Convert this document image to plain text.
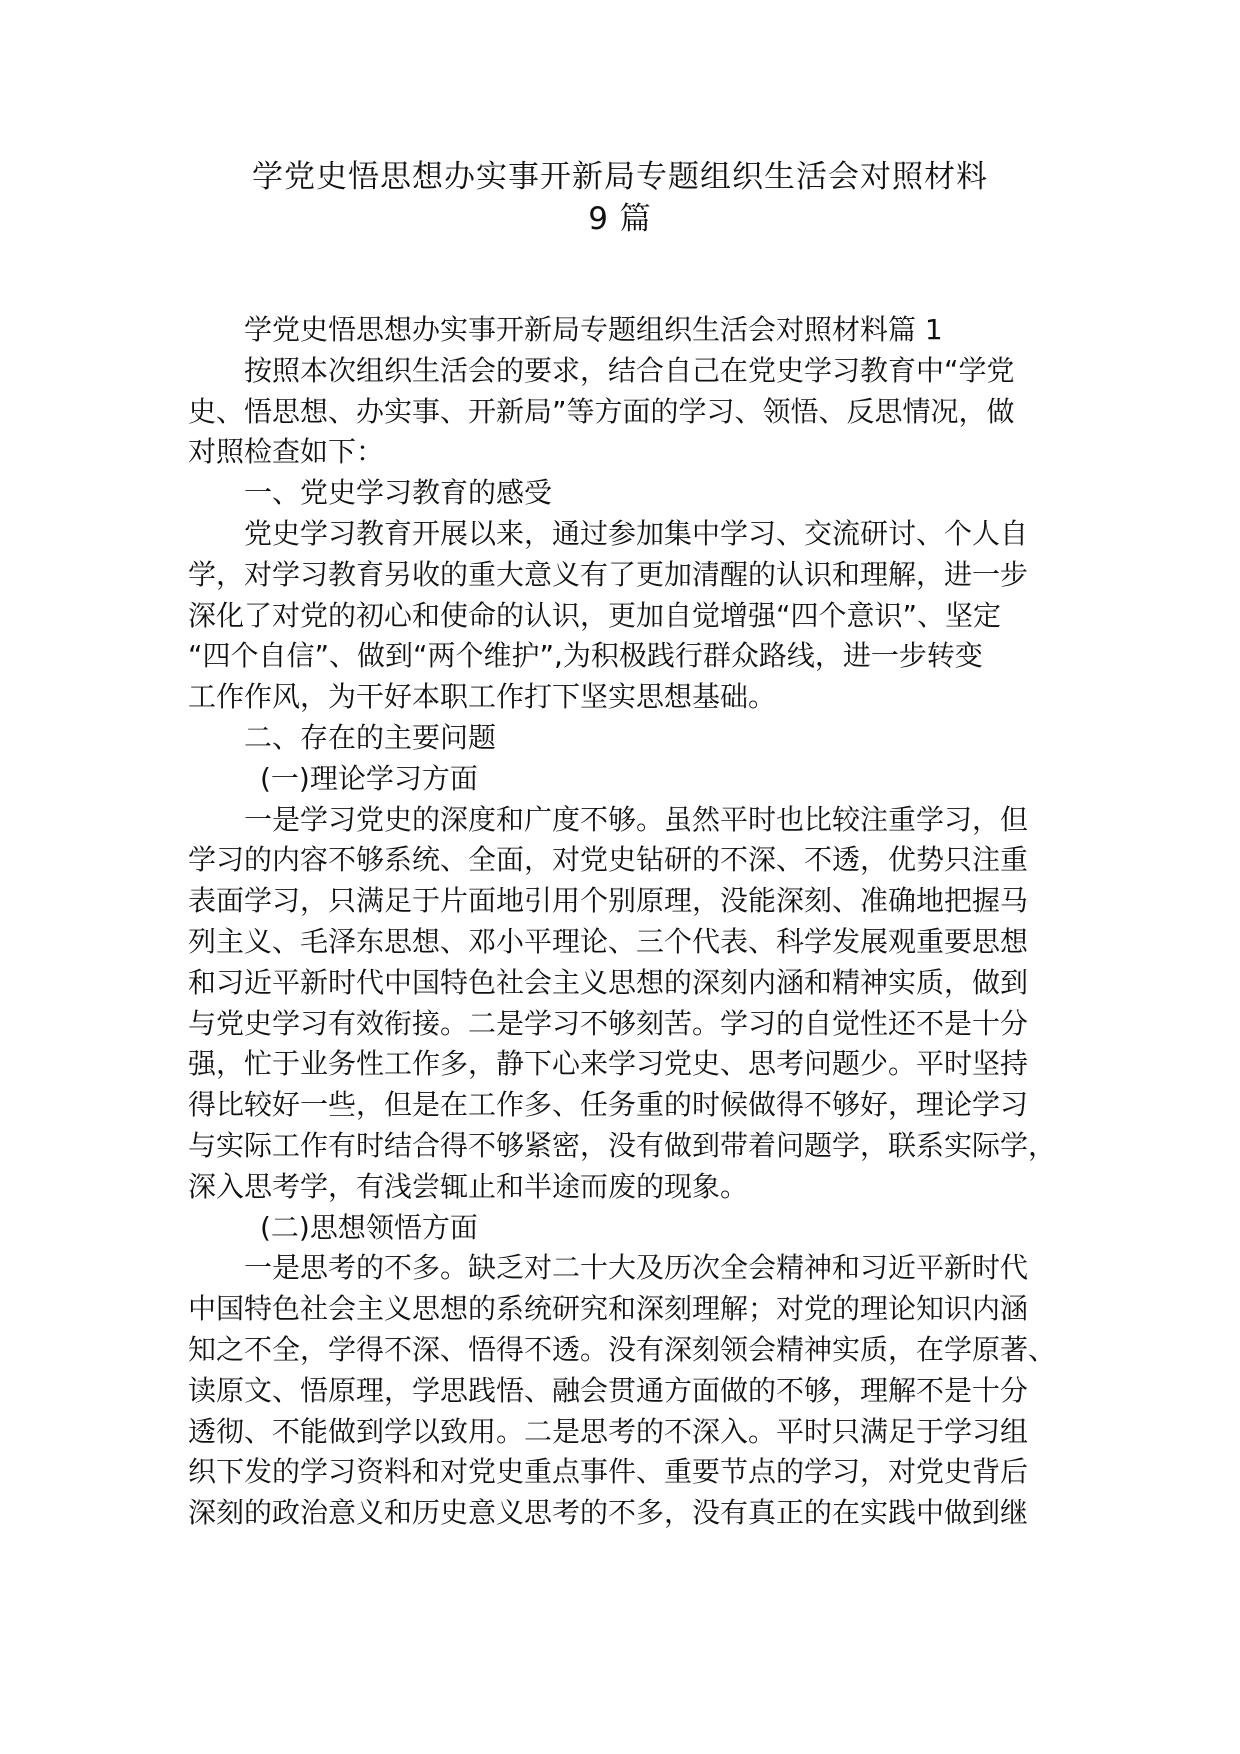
学党史悟思想办实事开新局专题组织生活会对照材料
9 篇
学党史悟思想办实事开新局专题组织生活会对照材料篇 1
按照本次组织生活会的要求，结合自己在党史学习教育中“学党
史、悟思想、办实事、开新局”等方面的学习、领悟、反思情况，做
对照检查如下：
一、党史学习教育的感受
党史学习教育开展以来，通过参加集中学习、交流研讨、个人自
学，对学习教育另收的重大意义有了更加清醒的认识和理解，进一步
深化了对党的初心和使命的认识，更加自觉增强“四个意识”、坚定
“四个自信”、做到“两个维护”,为积极践行群众路线，进一步转变
工作作风，为干好本职工作打下坚实思想基础。
二、存在的主要问题
(一)理论学习方面
一是学习党史的深度和广度不够。虽然平时也比较注重学习，但
学习的内容不够系统、全面，对党史钻研的不深、不透，优势只注重
表面学习，只满足于片面地引用个别原理，没能深刻、准确地把握马
列主义、毛泽东思想、邓小平理论、三个代表、科学发展观重要思想
和习近平新时代中国特色社会主义思想的深刻内涵和精神实质，做到
与党史学习有效衔接。二是学习不够刻苦。学习的自觉性还不是十分
强，忙于业务性工作多，静下心来学习党史、思考问题少。平时坚持
得比较好一些，但是在工作多、任务重的时候做得不够好，理论学习
与实际工作有时结合得不够紧密，没有做到带着问题学，联系实际学，
深入思考学，有浅尝辄止和半途而废的现象。
(二)思想领悟方面
一是思考的不多。缺乏对二十大及历次全会精神和习近平新时代
中国特色社会主义思想的系统研究和深刻理解；对党的理论知识内涵
知之不全，学得不深、悟得不透。没有深刻领会精神实质，在学原著、
读原文、悟原理，学思践悟、融会贯通方面做的不够，理解不是十分
透彻、不能做到学以致用。二是思考的不深入。平时只满足于学习组
织下发的学习资料和对党史重点事件、重要节点的学习，对党史背后
深刻的政治意义和历史意义思考的不多，没有真正的在实践中做到继
